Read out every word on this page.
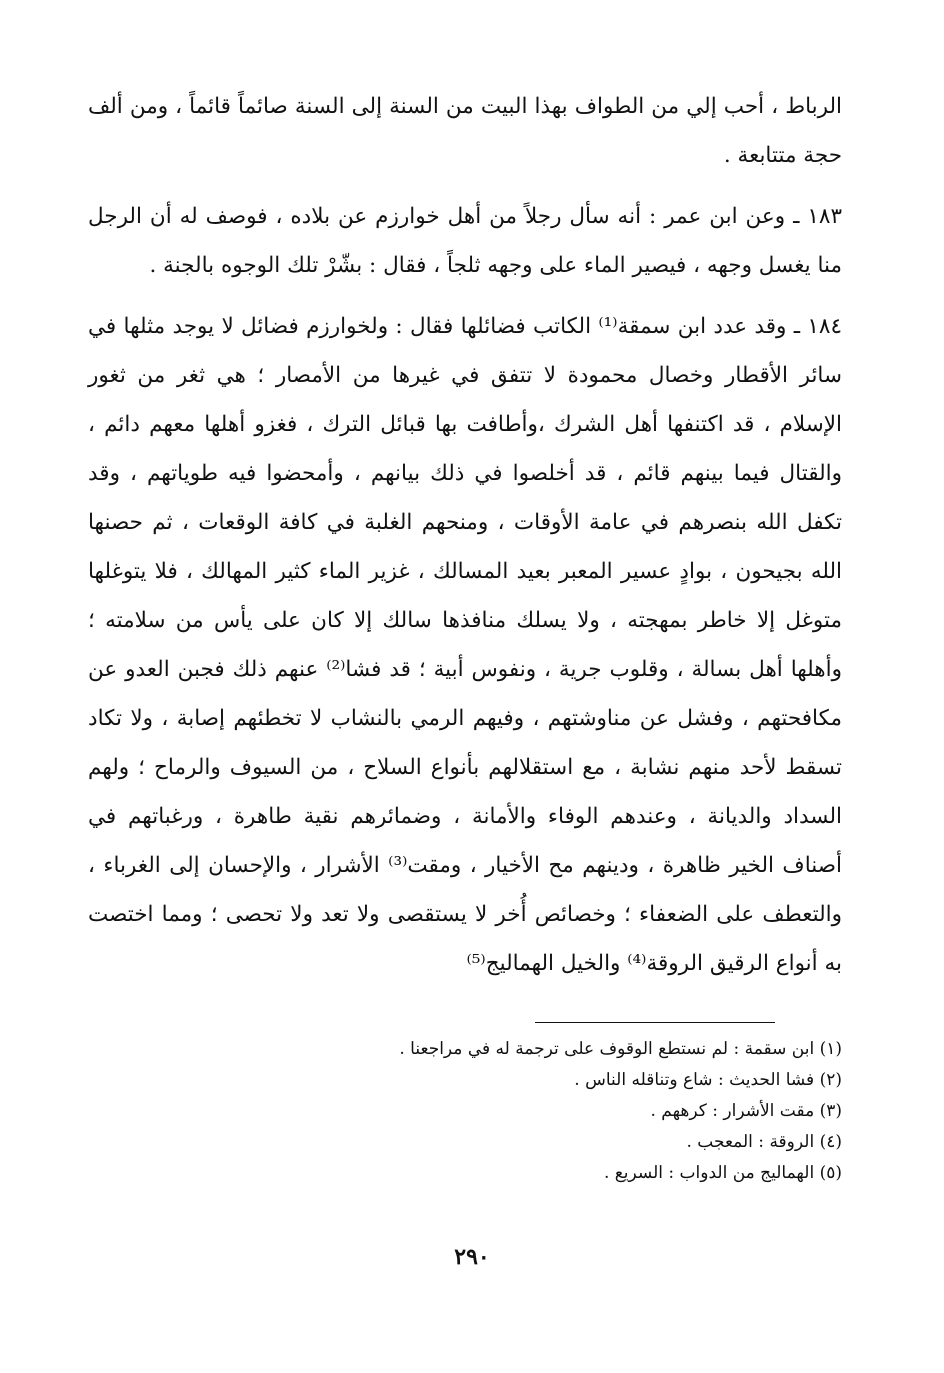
الرباط ، أحب إلي من الطواف بهذا البيت من السنة إلى السنة صائماً قائماً ، ومن ألف حجة متتابعة .

١٨٣ ـ وعن ابن عمر : أنه سأل رجلاً من أهل خوارزم عن بلاده ، فوصف له أن الرجل منا يغسل وجهه ، فيصير الماء على وجهه ثلجاً ، فقال : بشّرْ تلك الوجوه بالجنة .

١٨٤ ـ وقد عدد ابن سمقة⁽¹⁾ الكاتب فضائلها فقال : ولخوارزم فضائل لا يوجد مثلها في سائر الأقطار وخصال محمودة لا تتفق في غيرها من الأمصار ؛ هي ثغر من ثغور الإسلام ، قد اكتنفها أهل الشرك ،وأطافت بها قبائل الترك ، فغزو أهلها معهم دائم ، والقتال فيما بينهم قائم ، قد أخلصوا في ذلك بيانهم ، وأمحضوا فيه طوياتهم ، وقد تكفل الله بنصرهم في عامة الأوقات ، ومنحهم الغلبة في كافة الوقعات ، ثم حصنها الله بجيحون ، بوادٍ عسير المعبر بعيد المسالك ، غزير الماء كثير المهالك ، فلا يتوغلها متوغل إلا خاطر بمهجته ، ولا يسلك منافذها سالك إلا كان على يأس من سلامته ؛ وأهلها أهل بسالة ، وقلوب جرية ، ونفوس أبية ؛ قد فشا⁽²⁾ عنهم ذلك فجبن العدو عن مكافحتهم ، وفشل عن مناوشتهم ، وفيهم الرمي بالنشاب لا تخطئهم إصابة ، ولا تكاد تسقط لأحد منهم نشابة ، مع استقلالهم بأنواع السلاح ، من السيوف والرماح ؛ ولهم السداد والديانة ، وعندهم الوفاء والأمانة ، وضمائرهم نقية طاهرة ، ورغباتهم في أصناف الخير ظاهرة ، ودينهم مح الأخيار ، ومقت⁽³⁾ الأشرار ، والإحسان إلى الغرباء ، والتعطف على الضعفاء ؛ وخصائص أُخر لا يستقصى ولا تعد ولا تحصى ؛ ومما اختصت به أنواع الرقيق الروقة⁽⁴⁾ والخيل الهماليج⁽⁵⁾

(١) ابن سقمة : لم نستطع الوقوف على ترجمة له في مراجعنا .

(٢) فشا الحديث : شاع وتناقله الناس .

(٣) مقت الأشرار : كرههم .

(٤) الروقة : المعجب .

(٥) الهماليج من الدواب : السريع .

٢٩٠
